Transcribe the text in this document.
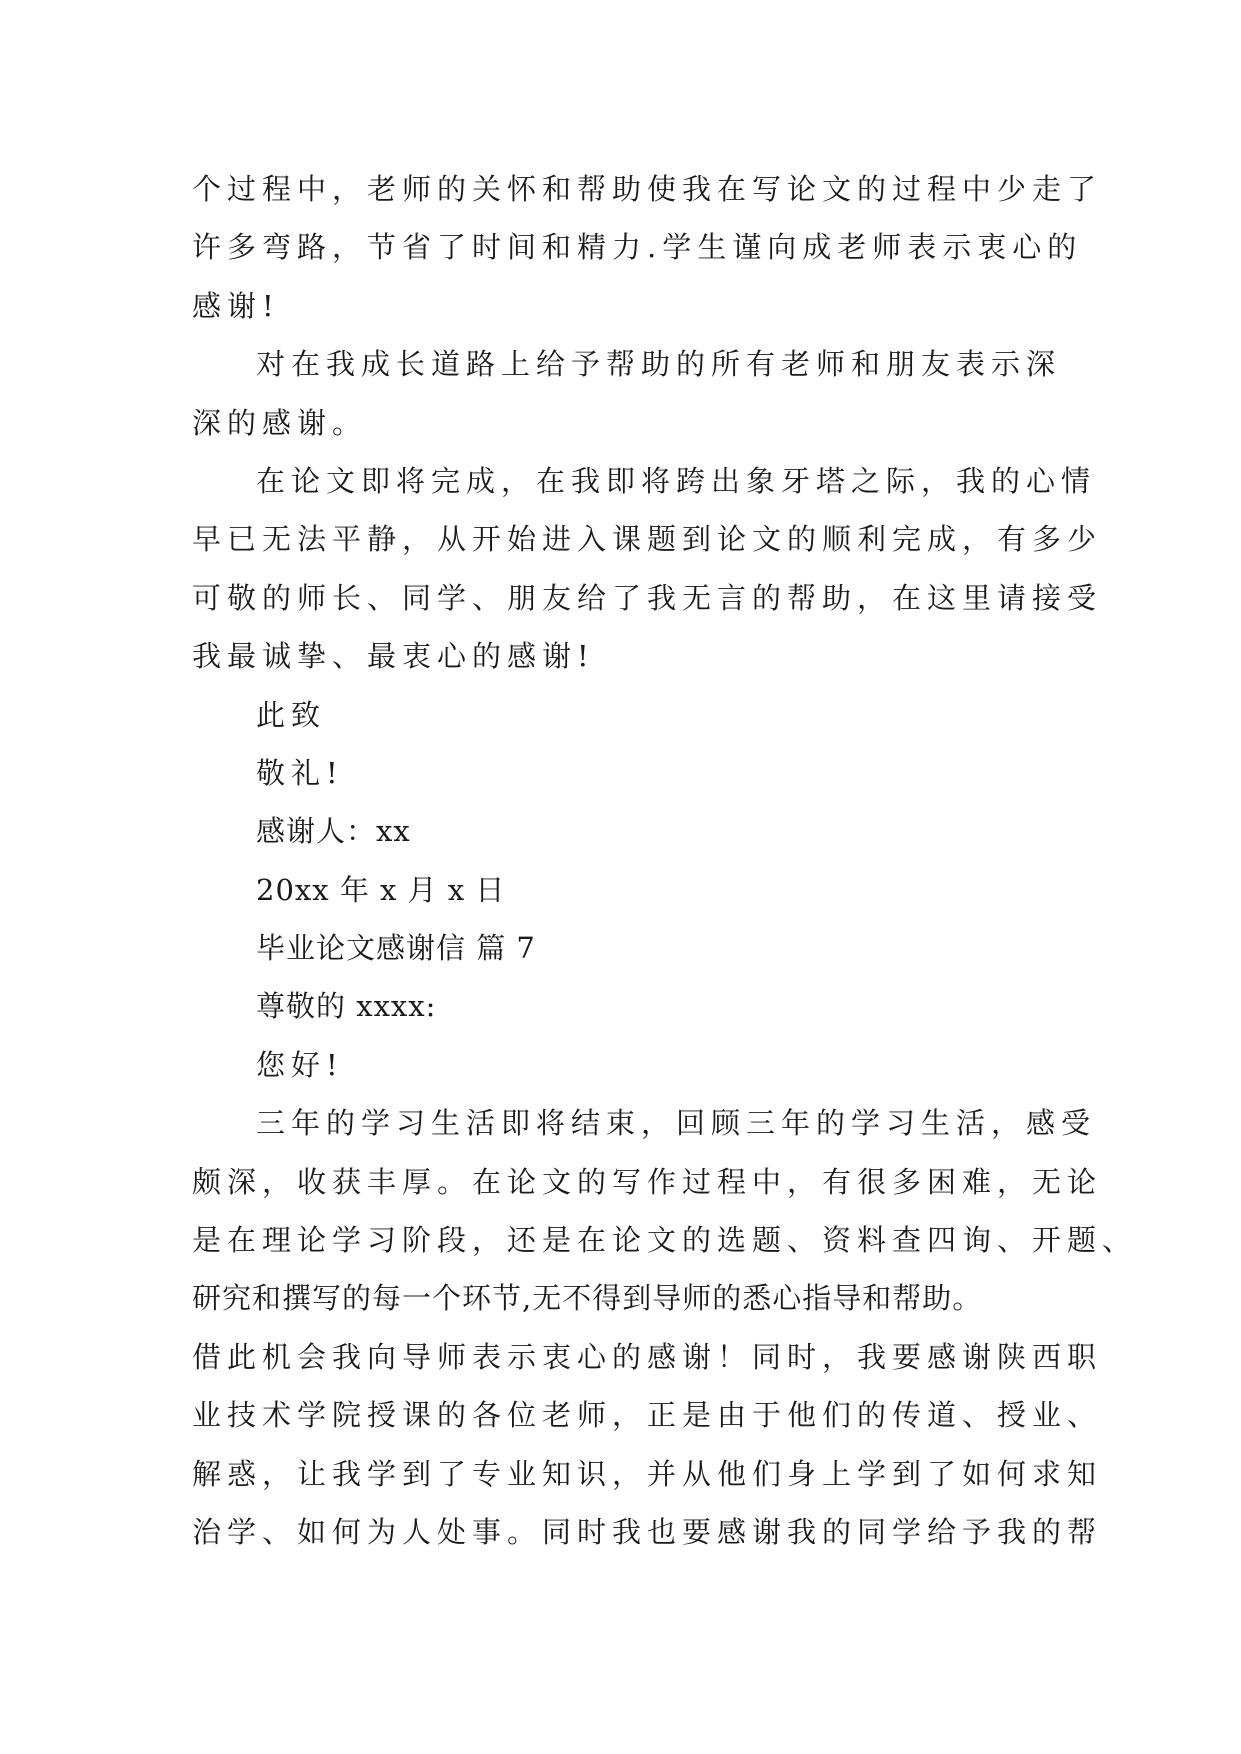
个过程中，老师的关怀和帮助使我在写论文的过程中少走了
许多弯路，节省了时间和精力.学生谨向成老师表示衷心的
感谢!
对在我成长道路上给予帮助的所有老师和朋友表示深
深的感谢。
在论文即将完成，在我即将跨出象牙塔之际，我的心情
早已无法平静，从开始进入课题到论文的顺利完成，有多少
可敬的师长、同学、朋友给了我无言的帮助，在这里请接受
我最诚挚、最衷心的感谢!
此致
敬礼!
感谢人：xx
20xx 年 x 月 x 日
毕业论文感谢信 篇 7
尊敬的 xxxx:
您好!
三年的学习生活即将结束，回顾三年的学习生活，感受
颇深，收获丰厚。在论文的写作过程中，有很多困难，无论
是在理论学习阶段，还是在论文的选题、资料查四询、开题、
研究和撰写的每一个环节,无不得到导师的悉心指导和帮助。
借此机会我向导师表示衷心的感谢！同时，我要感谢陕西职
业技术学院授课的各位老师，正是由于他们的传道、授业、
解惑，让我学到了专业知识，并从他们身上学到了如何求知
治学、如何为人处事。同时我也要感谢我的同学给予我的帮
